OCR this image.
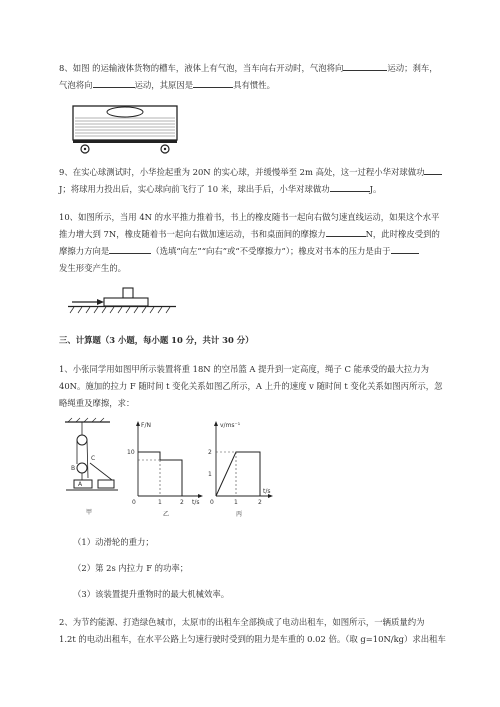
8、如图 的运输液体货物的槽车，液体上有气泡，当车向右开动时，气泡将向	运动；刹车，

气泡将向	运动，其原因是	具有惯性。

9、在实心球测试时，小华捡起重为 20N 的实心球，并缓慢举至 2m 高处，这一过程小华对球做功

J；将球用力投出后，实心球向前飞行了 10 米，球出手后，小华对球做功	J。

10、如图所示，当用 4N 的水平推力推着书，书上的橡皮随书一起向右做匀速直线运动，如果这个水平

推力增大到 7N，橡皮随着书一起向右做加速运动，书和桌面间的摩擦力	N，此时橡皮受到的

摩擦力方向是	（选填“向左”“向右”或“不受摩擦力”）；橡皮对书本的压力是由于

发生形变产生的。

三、计算题（3 小题，每小题 10 分，共计 30 分）

1、小张同学用如图甲所示装置将重 18N 的空吊篮 A 提升到一定高度，绳子 C 能承受的最大拉力为

40N。施加的拉力 F 随时间 t 变化关系如图乙所示，A 上升的速度 v 随时间 t 变化关系如图丙所示，忽

略绳重及摩擦，求：

C
B
A
甲
F/N
10
0	1	2 t/s
乙
v/ms⁻¹
2
1
0	1	2
t/s
丙

（1）动滑轮的重力；

（2）第 2s 内拉力 F 的功率；

（3）该装置提升重物时的最大机械效率。

2、为节约能源、打造绿色城市，太原市的出租车全部换成了电动出租车，如图所示，一辆质量约为

1.2t 的电动出租车，在水平公路上匀速行驶时受到的阻力是车重的 0.02 倍。（取 g=10N/kg）求出租车
